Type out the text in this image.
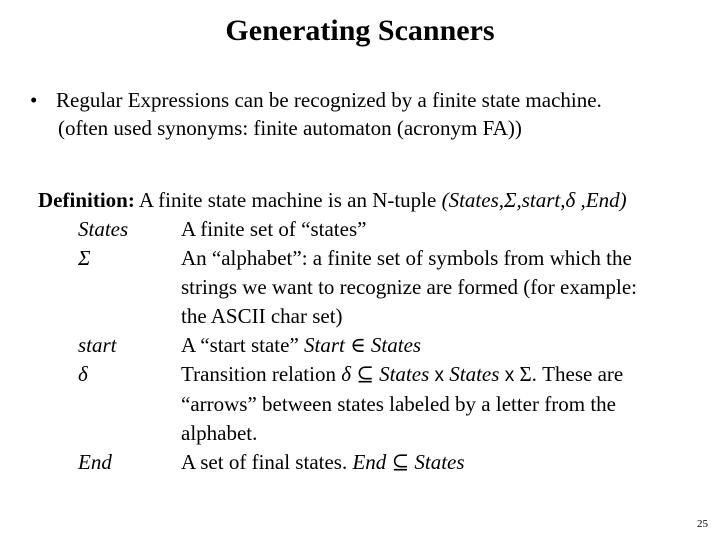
Generating Scanners
• Regular Expressions can be recognized by a finite state machine.
(often used synonyms: finite automaton (acronym FA))
Definition: A finite state machine is an N-tuple (States,Σ,start,δ ,End)
States	A finite set of “states”
Σ	An “alphabet”: a finite set of symbols from which the
strings we want to recognize are formed (for example:
the ASCII char set)
start	A “start state” Start ∈ States
δ	Transition relation δ ⊆ States x States x Σ. These are
“arrows” between states labeled by a letter from the
alphabet.
End	A set of final states. End ⊆ States
25
